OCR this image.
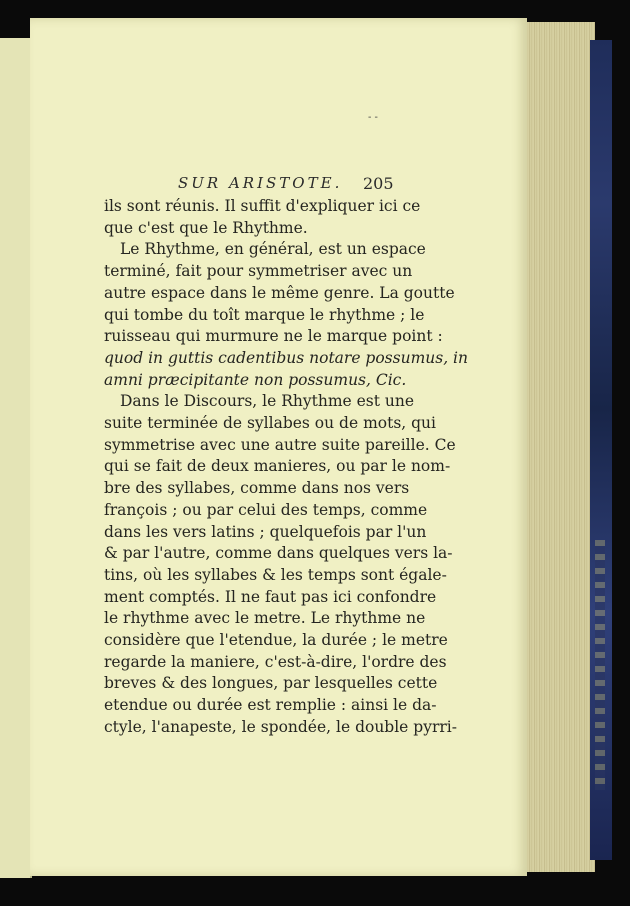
- -
SUR ARISTOTE. 205
ils sont réunis. Il suffit d'expliquer ici ce
que c'est que le Rhythme.
Le Rhythme, en général, est un espace
terminé, fait pour symmetriser avec un
autre espace dans le même genre. La goutte
qui tombe du toît marque le rhythme ; le
ruisseau qui murmure ne le marque point :
quod in guttis cadentibus notare possumus, in
amni præcipitante non possumus, Cic.
Dans le Discours, le Rhythme est une
suite terminée de syllabes ou de mots, qui
symmetrise avec une autre suite pareille. Ce
qui se fait de deux manieres, ou par le nom-
bre des syllabes, comme dans nos vers
françois ; ou par celui des temps, comme
dans les vers latins ; quelquefois par l'un
& par l'autre, comme dans quelques vers la-
tins, où les syllabes & les temps sont égale-
ment comptés. Il ne faut pas ici confondre
le rhythme avec le metre. Le rhythme ne
considère que l'etendue, la durée ; le metre
regarde la maniere, c'est-à-dire, l'ordre des
breves & des longues, par lesquelles cette
etendue ou durée est remplie : ainsi le da-
ctyle, l'anapeste, le spondée, le double pyrri-
